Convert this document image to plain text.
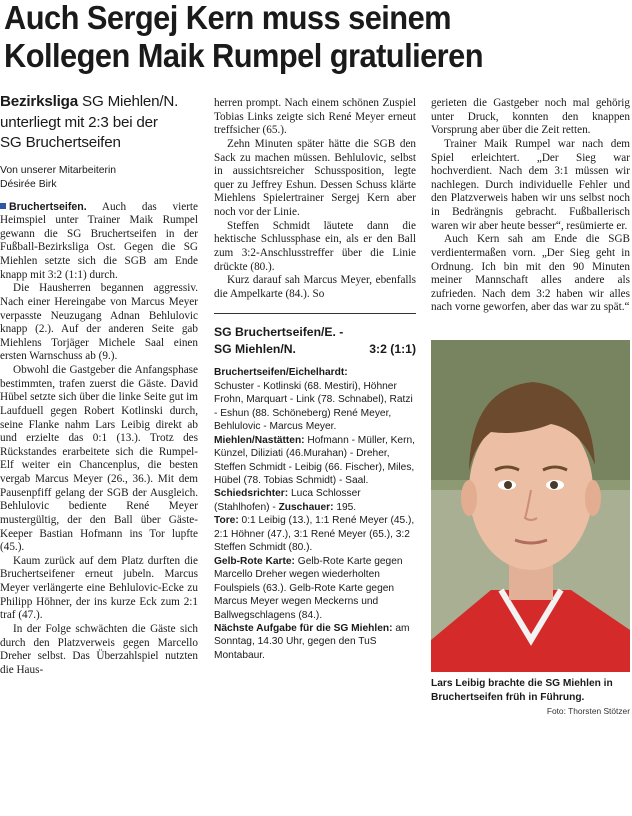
Auch Sergej Kern muss seinem
Kollegen Maik Rumpel gratulieren

Bezirksliga SG Miehlen/N.

unterliegt mit 2:3 bei der

SG Bruchertseifen

Von unserer Mitarbeiterin
Désirée Birk

Bruchertseifen. Auch das vierte Heimspiel unter Trainer Maik Rumpel gewann die SG Bruchertseifen in der Fußball-Bezirksliga Ost. Gegen die SG Miehlen setzte sich die SGB am Ende knapp mit 3:2 (1:1) durch.

Die Hausherren begannen aggressiv. Nach einer Hereingabe von Marcus Meyer verpasste Neuzugang Adnan Behlulovic knapp (2.). Auf der anderen Seite gab Miehlens Torjäger Michele Saal einen ersten Warnschuss ab (9.).

Obwohl die Gastgeber die Anfangsphase bestimmten, trafen zuerst die Gäste. David Hübel setzte sich über die linke Seite gut im Laufduell gegen Robert Kotlinski durch, seine Flanke nahm Lars Leibig direkt ab und erzielte das 0:1 (13.). Trotz des Rückstandes erarbeitete sich die Rumpel-Elf weiter ein Chancenplus, die besten vergab Marcus Meyer (26., 36.). Mit dem Pausenpfiff gelang der SGB der Ausgleich. Behlulovic bediente René Meyer mustergültig, der den Ball über Gäste-Keeper Bastian Hofmann ins Tor lupfte (45.).

Kaum zurück auf dem Platz durften die Bruchertseifener erneut jubeln. Marcus Meyer verlängerte eine Behlulovic-Ecke zu Philipp Höhner, der ins kurze Eck zum 2:1 traf (47.).

In der Folge schwächten die Gäste sich durch den Platzverweis gegen Marcello Dreher selbst. Das Überzahlspiel nutzten die Haus-

herren prompt. Nach einem schönen Zuspiel Tobias Links zeigte sich René Meyer erneut treffsicher (65.).

Zehn Minuten später hätte die SGB den Sack zu machen müssen. Behlulovic, selbst in aussichtsreicher Schussposition, legte quer zu Jeffrey Eshun. Dessen Schuss klärte Miehlens Spielertrainer Sergej Kern aber noch vor der Linie.

Steffen Schmidt läutete dann die hektische Schlussphase ein, als er den Ball zum 3:2-Anschlusstreffer über die Linie drückte (80.).

Kurz darauf sah Marcus Meyer, ebenfalls die Ampelkarte (84.). So

SG Bruchertseifen/E. -
SG Miehlen/N.	3:2 (1:1)

Bruchertseifen/Eichelhardt:
Schuster - Kotlinski (68. Mestiri), Höhner Frohn, Marquart - Link (78. Schnabel), Ratzi - Eshun (88. Schöneberg) René Meyer, Behlulovic - Marcus Meyer.

Miehlen/Nastätten: Hofmann - Müller, Kern, Künzel, Diliziati (46.Murahan) - Dreher, Steffen Schmidt - Leibig (66. Fischer), Miles, Hübel (78. Tobias Schmidt) - Saal.

Schiedsrichter: Luca Schlosser (Stahlhofen) - Zuschauer: 195.

Tore: 0:1 Leibig (13.), 1:1 René Meyer (45.), 2:1 Höhner (47.), 3:1 René Meyer (65.), 3:2 Steffen Schmidt (80.).

Gelb-Rote Karte: Gelb-Rote Karte gegen Marcello Dreher wegen wiederholten Foulspiels (63.). Gelb-Rote Karte gegen Marcus Meyer wegen Meckerns und Ballwegschlagens (84.).

Nächste Aufgabe für die SG Miehlen: am Sonntag, 14.30 Uhr, gegen den TuS Montabaur.

gerieten die Gastgeber noch mal gehörig unter Druck, konnten den knappen Vorsprung aber über die Zeit retten.

Trainer Maik Rumpel war nach dem Spiel erleichtert. „Der Sieg war hochverdient. Nach dem 3:1 müssen wir nachlegen. Durch individuelle Fehler und den Platzverweis haben wir uns selbst noch in Bedrängnis gebracht. Fußballerisch waren wir aber heute besser“, resümierte er.

Auch Kern sah am Ende die SGB verdientermaßen vorn. „Der Sieg geht in Ordnung. Ich bin mit den 90 Minuten meiner Mannschaft alles andere als zufrieden. Nach dem 3:2 haben wir alles nach vorne geworfen, aber das war zu spät.“

Lars Leibig brachte die SG Miehlen in Bruchertseifen früh in Führung.
Foto: Thorsten Stötzer
